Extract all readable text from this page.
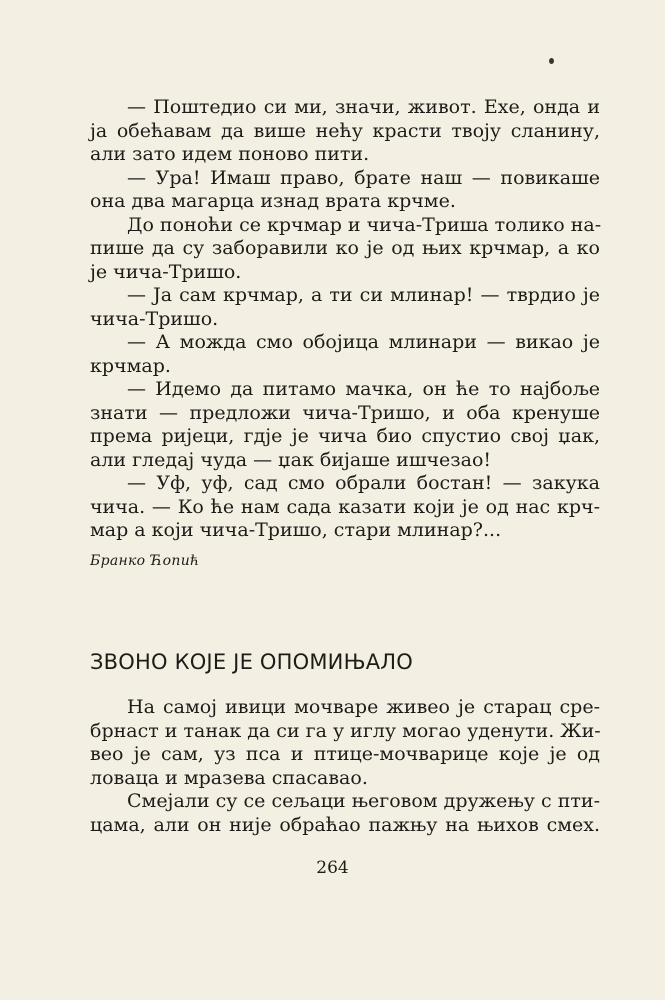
— Поштедио си ми, значи, живот. Ехе, онда и
ја обећавам да више нећу красти твоју сланину,
али зато идем поново пити.
— Ура! Имаш право, брате наш — повикаше
она два магарца изнад врата крчме.
До поноћи се крчмар и чича-Триша толико на-
пише да су заборавили ко је од њих крчмар, а ко
је чича-Тришо.
— Ја сам крчмар, а ти си млинар! — тврдио је
чича-Тришо.
— А можда смо обојица млинари — викао је
крчмар.
— Идемо да питамо мачка, он ће то најбоље
знати — предложи чича-Тришо, и оба кренуше
према ријеци, гдје је чича био спустио свој џак,
али гледај чуда — џак бијаше ишчезао!
— Уф, уф, сад смо обрали бостан! — закука
чича. — Ко ће нам сада казати који је од нас крч-
мар а који чича-Тришо, стари млинар?...
Бранко Ћопић
ЗВОНО КОЈЕ ЈЕ ОПОМИЊАЛО
На самој ивици мочваре живео је старац сре-
брнаст и танак да си га у иглу могао уденути. Жи-
вео је сам, уз пса и птице-мочварице које је од
ловаца и мразева спасавао.
Смејали су се сељаци његовом дружењу с пти-
цама, али он није обраћао пажњу на њихов смех.
264
